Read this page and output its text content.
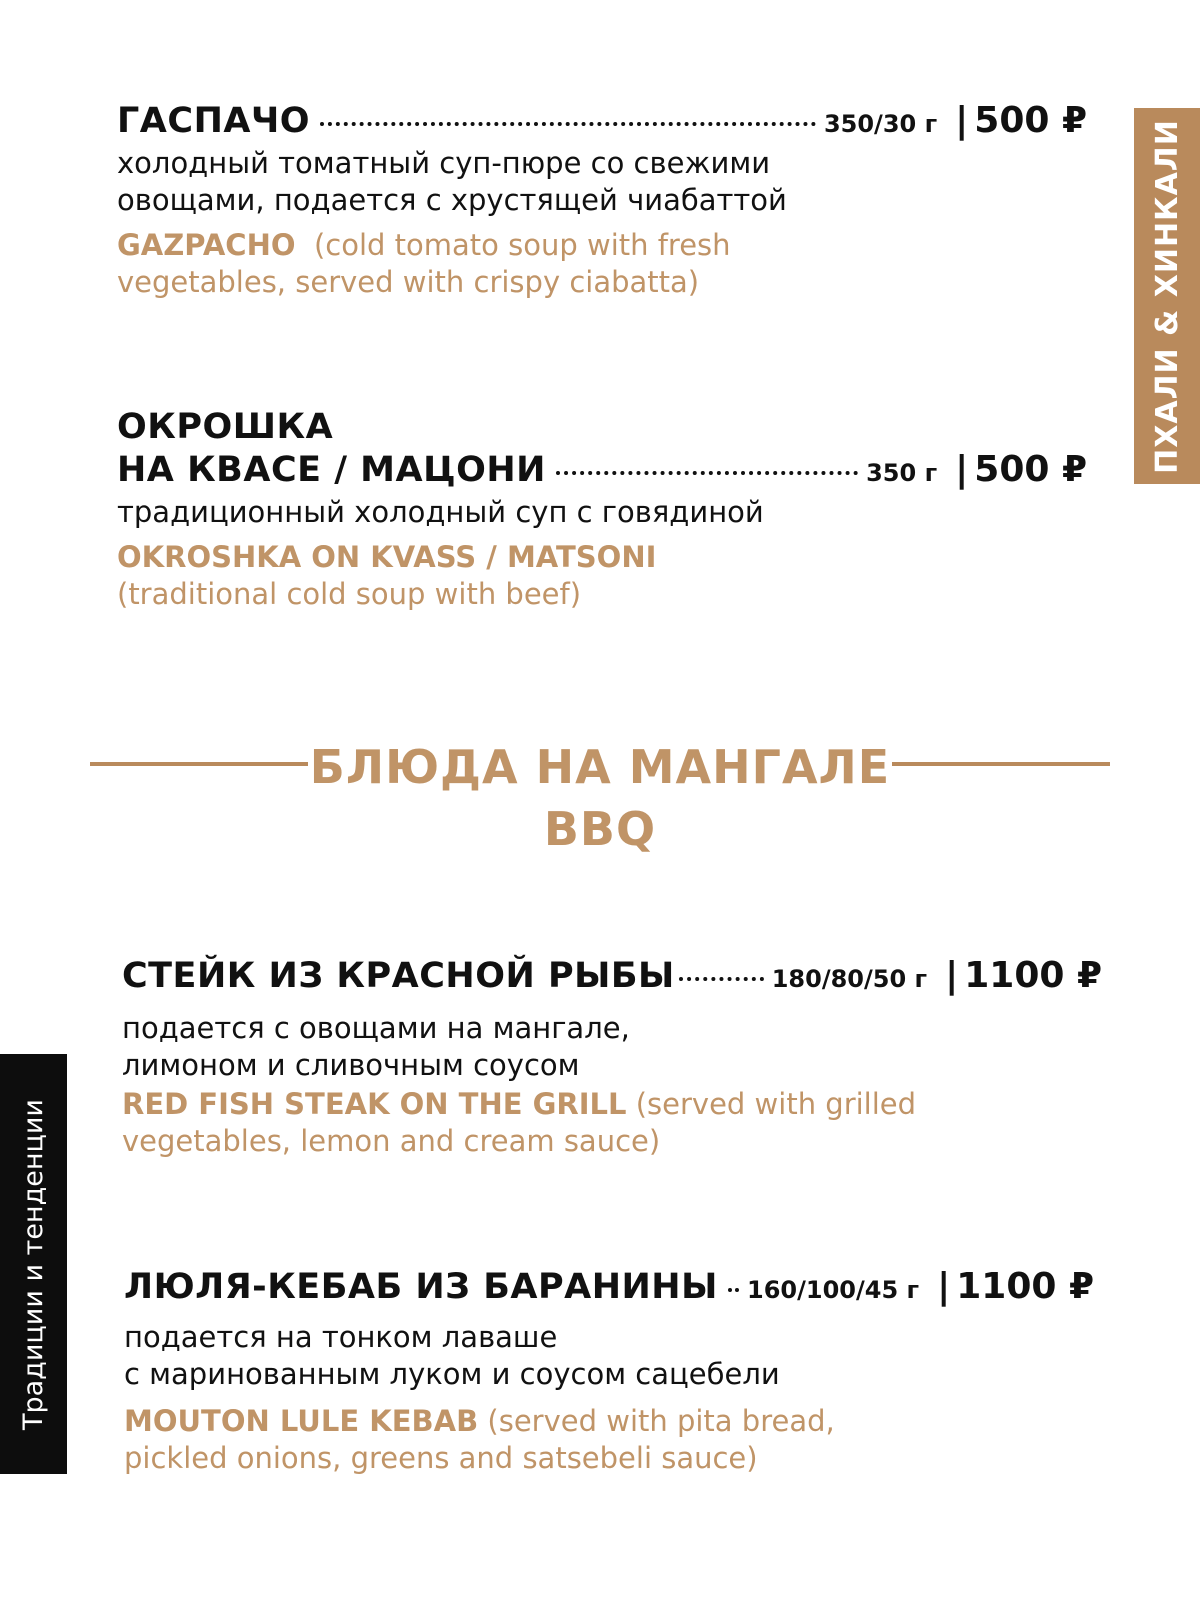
ПХАЛИ & ХИНКАЛИ
Традиции и тенденции
ГАСПАЧО	350/30 г | 500 ₽
холодный томатный суп-пюре со свежими
овощами, подается с хрустящей чиабаттой
GAZPACHO (cold tomato soup with fresh
vegetables, served with crispy ciabatta)
ОКРОШКА
НА КВАСЕ / МАЦОНИ	350 г | 500 ₽
традиционный холодный суп с говядиной
OKROSHKA ON KVASS / MATSONI
(traditional cold soup with beef)
БЛЮДА НА МАНГАЛЕ
BBQ
СТЕЙК ИЗ КРАСНОЙ РЫБЫ	180/80/50 г | 1100 ₽
подается с овощами на мангале,
лимоном и сливочным соусом
RED FISH STEAK ON THE GRILL (served with grilled
vegetables, lemon and cream sauce)
ЛЮЛЯ-КЕБАБ ИЗ БАРАНИНЫ 160/100/45 г | 1100 ₽
подается на тонком лаваше
с маринованным луком и соусом сацебели
MOUTON LULE KEBAB (served with pita bread,
pickled onions, greens and satsebeli sauce)
